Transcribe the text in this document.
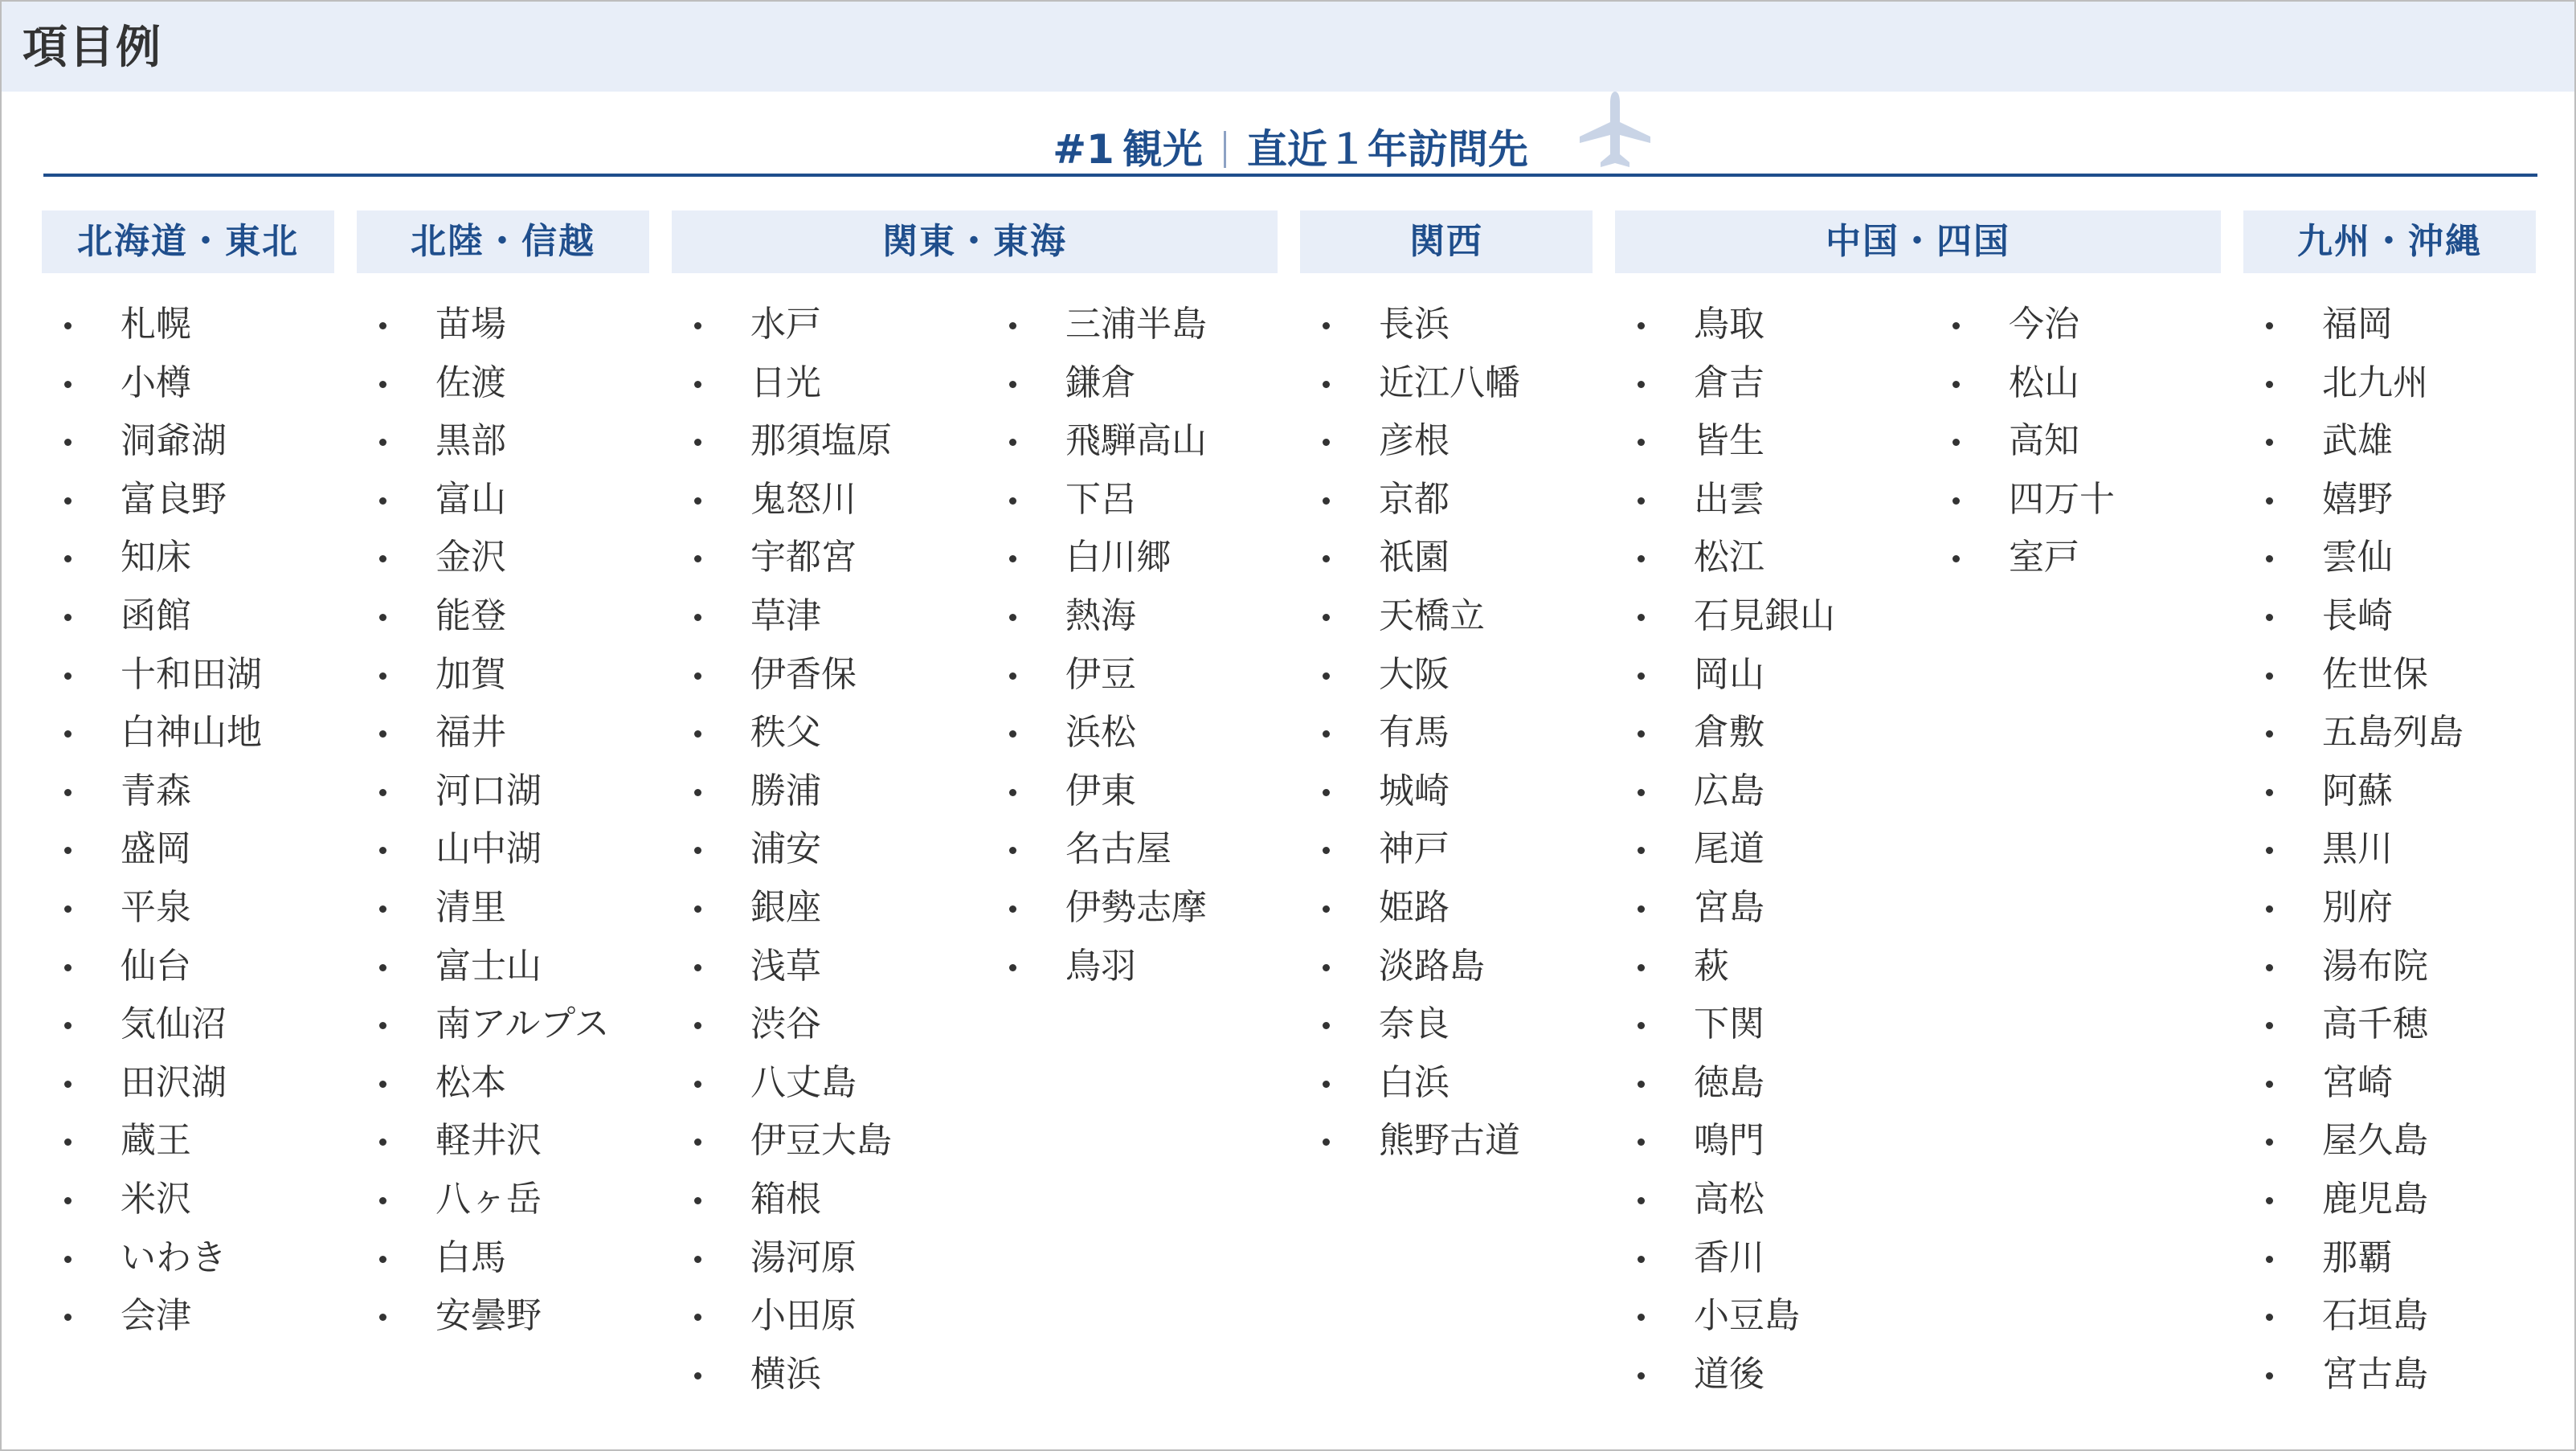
項目例
#1 観光 直近１年訪問先
北海道・東北
札幌
小樽
洞爺湖
富良野
知床
函館
十和田湖
白神山地
青森
盛岡
平泉
仙台
気仙沼
田沢湖
蔵王
米沢
いわき
会津
北陸・信越
苗場
佐渡
黒部
富山
金沢
能登
加賀
福井
河口湖
山中湖
清里
富士山
南アルプス
松本
軽井沢
八ヶ岳
白馬
安曇野
関東・東海
水戸
日光
那須塩原
鬼怒川
宇都宮
草津
伊香保
秩父
勝浦
浦安
銀座
浅草
渋谷
八丈島
伊豆大島
箱根
湯河原
小田原
横浜
三浦半島
鎌倉
飛騨高山
下呂
白川郷
熱海
伊豆
浜松
伊東
名古屋
伊勢志摩
鳥羽
関西
長浜
近江八幡
彦根
京都
祇園
天橋立
大阪
有馬
城崎
神戸
姫路
淡路島
奈良
白浜
熊野古道
中国・四国
鳥取
倉吉
皆生
出雲
松江
石見銀山
岡山
倉敷
広島
尾道
宮島
萩
下関
徳島
鳴門
高松
香川
小豆島
道後
今治
松山
高知
四万十
室戸
九州・沖縄
福岡
北九州
武雄
嬉野
雲仙
長崎
佐世保
五島列島
阿蘇
黒川
別府
湯布院
高千穂
宮崎
屋久島
鹿児島
那覇
石垣島
宮古島
